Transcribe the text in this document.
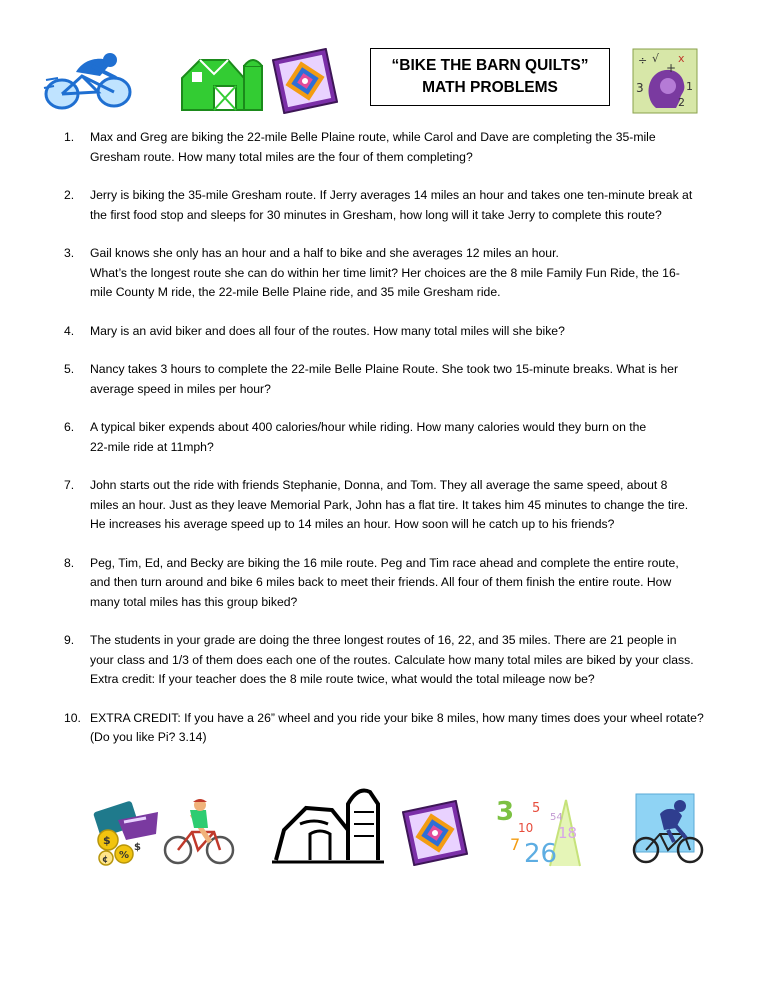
“BIKE THE BARN QUILTS”
MATH PROBLEMS
÷ √ x
+
3
2
1
1. Max and Greg are biking the 22-mile Belle Plaine route, while Carol and Dave are completing the 35-mile
Gresham route. How many total miles are the four of them completing?
2. Jerry is biking the 35-mile Gresham route. If Jerry averages 14 miles an hour and takes one ten-minute break at
the first food stop and sleeps for 30 minutes in Gresham, how long will it take Jerry to complete this route?
3. Gail knows she only has an hour and a half to bike and she averages 12 miles an hour.
What’s the longest route she can do within her time limit? Her choices are the 8 mile Family Fun Ride, the 16-
mile County M ride, the 22-mile Belle Plaine ride, and 35 mile Gresham ride.
4. Mary is an avid biker and does all four of the routes. How many total miles will she bike?
5. Nancy takes 3 hours to complete the 22-mile Belle Plaine Route. She took two 15-minute breaks. What is her
average speed in miles per hour?
6. A typical biker expends about 400 calories/hour while riding. How many calories would they burn on the
22-mile ride at 11mph?
7. John starts out the ride with friends Stephanie, Donna, and Tom. They all average the same speed, about 8
miles an hour. Just as they leave Memorial Park, John has a flat tire. It takes him 45 minutes to change the tire.
He increases his average speed up to 14 miles an hour. How soon will he catch up to his friends?
8. Peg, Tim, Ed, and Becky are biking the 16 mile route. Peg and Tim race ahead and complete the entire route,
and then turn around and bike 6 miles back to meet their friends. All four of them finish the entire route. How
many total miles has this group biked?
9. The students in your grade are doing the three longest routes of 16, 22, and 35 miles. There are 21 people in
your class and 1/3 of them does each one of the routes. Calculate how many total miles are biked by your class.
Extra credit: If your teacher does the 8 mile route twice, what would the total mileage now be?
10. EXTRA CREDIT: If you have a 26” wheel and you ride your bike 8 miles, how many times does your wheel rotate?
(Do you like Pi? 3.14)
$
%
$
¢
3 5
54
10 18
7 26
